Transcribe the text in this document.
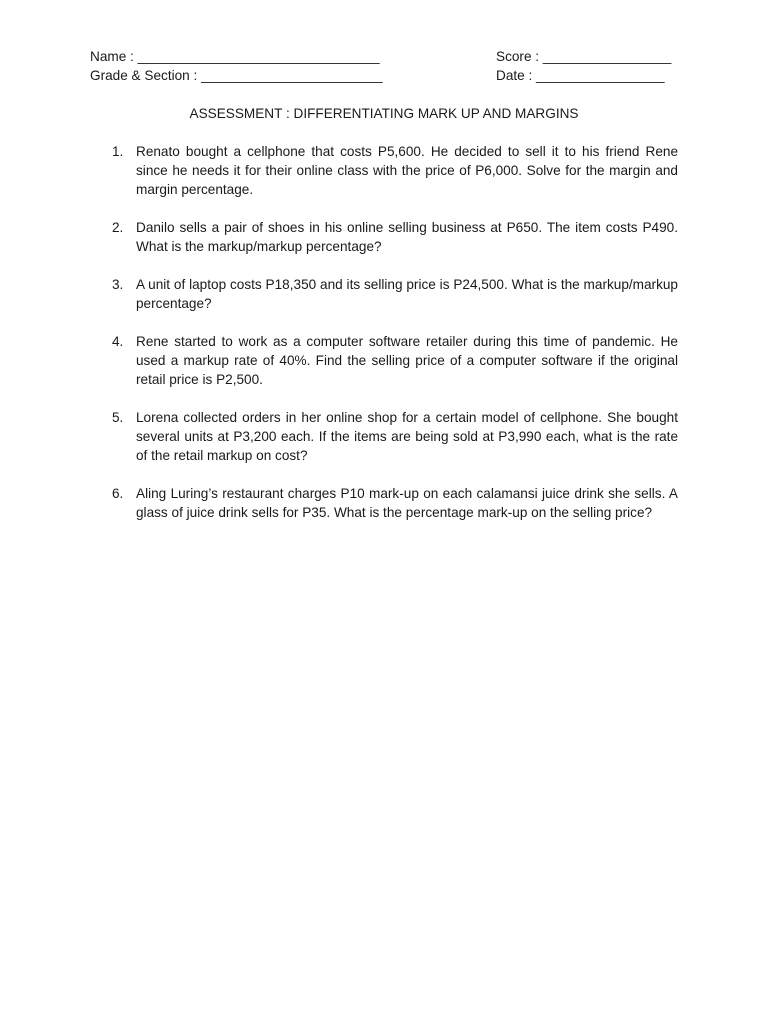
Name : ________________________________	Score : _________________
Grade & Section : ________________________	Date : _________________
ASSESSMENT : DIFFERENTIATING MARK UP AND MARGINS
1. Renato bought a cellphone that costs P5,600. He decided to sell it to his friend Rene since he needs it for their online class with the price of P6,000. Solve for the margin and margin percentage.
2. Danilo sells a pair of shoes in his online selling business at P650. The item costs P490. What is the markup/markup percentage?
3. A unit of laptop costs P18,350 and its selling price is P24,500. What is the markup/markup percentage?
4. Rene started to work as a computer software retailer during this time of pandemic. He used a markup rate of 40%. Find the selling price of a computer software if the original retail price is P2,500.
5. Lorena collected orders in her online shop for a certain model of cellphone. She bought several units at P3,200 each. If the items are being sold at P3,990 each, what is the rate of the retail markup on cost?
6. Aling Luring’s restaurant charges P10 mark-up on each calamansi juice drink she sells. A glass of juice drink sells for P35. What is the percentage mark-up on the selling price?
